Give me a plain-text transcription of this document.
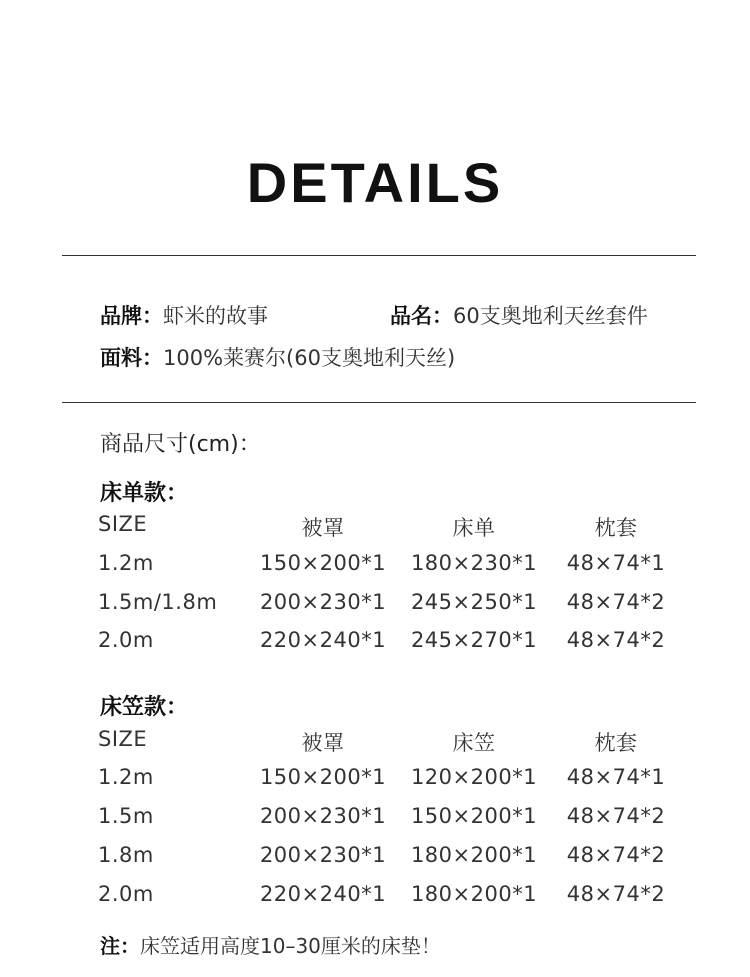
DETAILS
品牌：虾米的故事	品名：60支奥地利天丝套件
面料：100%莱赛尔(60支奥地利天丝)
商品尺寸(cm)：
床单款：
SIZE	被罩	床单	枕套
1.2m	150×200*1 180×230*1 48×74*1
1.5m/1.8m 200×230*1 245×250*1 48×74*2
2.0m	220×240*1 245×270*1 48×74*2
床笠款：
SIZE	被罩	床笠	枕套
1.2m	150×200*1 120×200*1 48×74*1
1.5m	200×230*1 150×200*1 48×74*2
1.8m	200×230*1 180×200*1 48×74*2
2.0m	220×240*1 180×200*1 48×74*2
注：床笠适用高度10–30厘米的床垫！
